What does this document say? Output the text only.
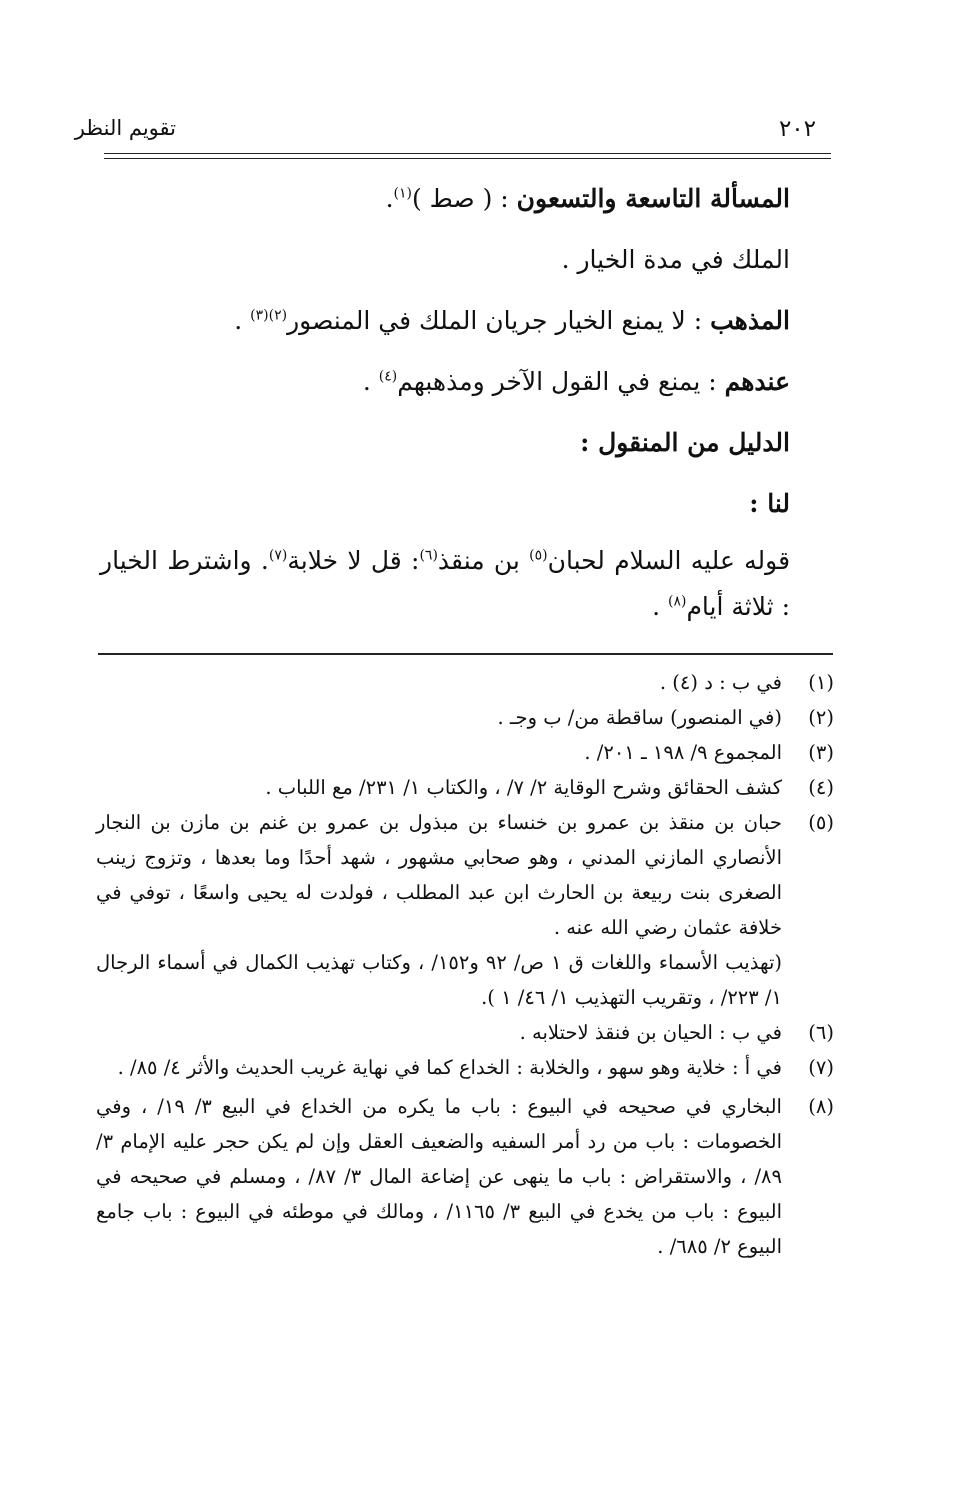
تقويم النظر	٢٠٢
المسألة التاسعة والتسعون : ( صط )$^{(١)}$.
الملك في مدة الخيار .
المذهب : لا يمنع الخيار جريان الملك في المنصور$^{(٢)(٣)}$ .
عندهم : يمنع في القول الآخر ومذهبهم$^{(٤)}$ .
الدليل من المنقول :
لنا :
قوله عليه السلام لحبان$^{(٥)}$ بن منقذ$^{(٦)}$: قل لا خلابة$^{(٧)}$. واشترط الخيار : ثلاثة أيام$^{(٨)}$ .
(١)
في ب : د (٤) .
(٢)
(في المنصور) ساقطة من/ ب وجـ .
(٣)
المجموع ٩/ ١٩٨ ـ ٢٠١/ .
(٤)
كشف الحقائق وشرح الوقاية ٢/ ٧/ ، والكتاب ١/ ٢٣١/ مع اللباب .
(٥)
حبان بن منقذ بن عمرو بن خنساء بن مبذول بن عمرو بن غنم بن مازن بن النجار الأنصاري المازني المدني ، وهو صحابي مشهور ، شهد أحدًا وما بعدها ، وتزوج زينب الصغرى بنت ربيعة بن الحارث ابن عبد المطلب ، فولدت له يحيى واسعًا ، توفي في خلافة عثمان رضي الله عنه .
(تهذيب الأسماء واللغات ق ١ ص/ ٩٢ و١٥٢/ ، وكتاب تهذيب الكمال في أسماء الرجال ١/ ٢٢٣/ ، وتقريب التهذيب ١/ ٤٦/ ١ ).
(٦)
في ب : الحيان بن فنقذ لاحتلابه .
(٧)
في أ : خلاية وهو سهو ، والخلابة : الخداع كما في نهاية غريب الحديث والأثر ٤/ ٨٥/ .
(٨)
البخاري في صحيحه في البيوع : باب ما يكره من الخداع في البيع ٣/ ١٩/ ، وفي الخصومات : باب من رد أمر السفيه والضعيف العقل وإن لم يكن حجر عليه الإمام ٣/ ٨٩/ ، والاستقراض : باب ما ينهى عن إضاعة المال ٣/ ٨٧/ ، ومسلم في صحيحه في البيوع : باب من يخدع في البيع ٣/ ١١٦٥/ ، ومالك في موطئه في البيوع : باب جامع البيوع ٢/ ٦٨٥/ .
